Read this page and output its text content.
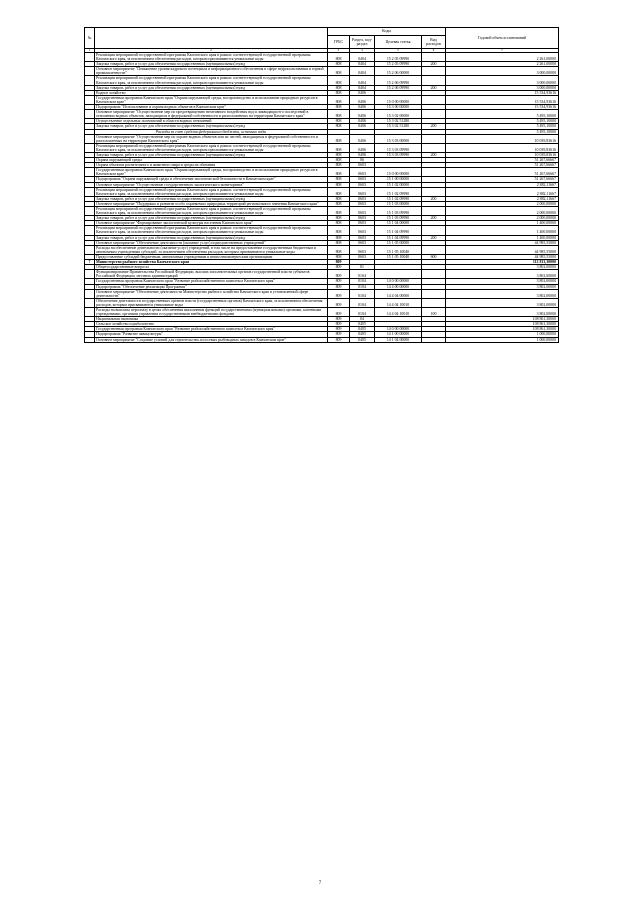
№		Коды				Годовой объем ассигнований
		ГРБС	Раздел, под-раздел	Целевая статья	Вид расходов	
1	2	3	4	5	6	7
	Реализация мероприятий государственной программы Камчатского края в рамках соответствующей государственной программы Камчатского края, за исключением обеспечения расходов, которым присваиваются уникальные коды	808	0404	15 2 05 09990		2 261,00000
	Закупка товаров, работ и услуг для обеспечения государственных (муниципальных) нужд	808	0404	15 2 05 09990	200	2 261,00000
	Основное мероприятие "Повышение уровня кадрового потенциала и информационного обеспечения в сфере недропользования и горной промышленности"	808	0404	15 2 06 00000		3 000,00000
	Реализация мероприятий государственной программы Камчатского края в рамках соответствующей государственной программы Камчатского края, за исключением обеспечения расходов, которым присваиваются уникальные коды	808	0404	15 2 06 09990		3 000,00000
	Закупка товаров, работ и услуг для обеспечения государственных (муниципальных) нужд	808	0404	15 2 06 09990	200	3 000,00000
	Водное хозяйство	808	0406			15 534,93616
	Государственная программа Камчатского края "Охрана окружающей среды, воспроизводство и использование природных ресурсов в Камчатском крае"	808	0406	15 0 00 00000		15 534,93616
	Подпрограмма "Использование и охрана водных объектов в Камчатском крае"	808	0406	15 3 00 00000		15 534,93616
	Основное мероприятие "Осуществление мер по предотвращению негативного воздействия вод и ликвидации его последствий в отношении водных объектов, находящихся в федеральной собственности и расположенных на территории Камчатского края"	808	0406	15 3 02 00000		5 495,10000
	Осуществление отдельных полномочий в области водных отношений	808	0406	15 3 02 51280		5 495,10000
	Закупка товаров, работ и услуг для обеспечения государственных (муниципальных) нужд	808	0406	15 3 02 51280	200	5 495,10000
	Расходы за счет средств федерального бюджета, источник воды					5 495,10000
	Основное мероприятие "Осуществление мер по охране водных объектов или их частей, находящихся в федеральной собственности и расположенных на территории Камчатского края"	808	0406	15 3 03 00000		10 039,83616
	Реализация мероприятий государственной программы Камчатского края в рамках соответствующей государственной программы Камчатского края, за исключением обеспечения расходов, которым присваиваются уникальные коды	808	0406	15 3 03 09990		10 039,83616
	Закупка товаров, работ и услуг для обеспечения государственных (муниципальных) нужд	808	0406	15 3 03 09990	200	10 039,83616
	Охрана окружающей среды	808	06			51 267,66667
	Охрана объектов растительного и животного мира и среды их обитания	808	0603			51 267,66667
	Государственная программа Камчатского края "Охрана окружающей среды, воспроизводство и использование природных ресурсов в Камчатском крае"	808	0603	15 0 00 00000		51 267,66667
	Подпрограмма "Охрана окружающей среды и обеспечение экологической безопасности в Камчатском крае"	808	0603	15 1 00 00000		51 267,66667
	Основное мероприятие "Осуществление государственного экологического мониторинга"	808	0603	15 1 02 00000		2 882,11667
	Реализация мероприятий государственной программы Камчатского края в рамках соответствующей государственной программы Камчатского края, за исключением обеспечения расходов, которым присваиваются уникальные коды	808	0603	15 1 02 09990		2 882,11667
	Закупка товаров, работ и услуг для обеспечения государственных (муниципальных) нужд	808	0603	15 1 02 09990	200	2 882,11667
	Основное мероприятие "Поддержка и развитие особо охраняемых природных территорий регионального значения Камчатского края"	808	0603	15 1 03 00000		2 000,00000
	Реализация мероприятий государственной программы Камчатского края в рамках соответствующей государственной программы Камчатского края, за исключением обеспечения расходов, которым присваиваются уникальные коды	808	0603	15 1 03 09990		2 000,00000
	Закупка товаров, работ и услуг для обеспечения государственных (муниципальных) нужд	808	0603	15 1 03 09990	200	2 000,00000
	Основное мероприятие "Формирование экологической культуры населения Камчатского края"	808	0603	15 1 04 00000		1 400,00000
	Реализация мероприятий государственной программы Камчатского края в рамках соответствующей государственной программы Камчатского края, за исключением обеспечения расходов, которым присваиваются уникальные коды	808	0603	15 1 04 09990		1 400,00000
	Закупка товаров, работ и услуг для обеспечения государственных (муниципальных) нужд	808	0603	15 1 04 09990	200	1 400,00000
	Основное мероприятие "Обеспечение деятельности (оказание услуг) подведомственных учреждений"	808	0603	15 1 05 00000		44 985,55000
	Расходы на обеспечение деятельности (оказание услуг) учреждений, в том числе на предоставление государственным бюджетным и автономным учреждениям субсидий, за исключением обеспечения расходов, которым присваиваются уникальные коды	808	0603	15 1 05 10040		44 985,55000
	Предоставление субсидий бюджетным, автономным учреждениям и иным некоммерческим организациям	808	0603	15 1 05 10040	600	44 985,55000
7	Министерство рыбного хозяйства Камчатского края	809				112 813,30000
	Общегосударственные вопросы	809	01			3 802,00000
	Функционирование Правительства Российской Федерации, высших исполнительных органов государственной власти субъектов Российской Федерации, местных администраций	809	0104			3 802,00000
	Государственная программа Камчатского края "Развитие рыбохозяйственного комплекса Камчатского края"	809	0104	14 0 00 00000		3 802,00000
	Подпрограмма "Обеспечение реализации Программы"	809	0104	14 4 00 00000		3 802,00000
	Основное мероприятие "Обеспечение деятельности Министерства рыбного хозяйства Камчатского края в установленной сфере деятельности"	809	0104	14 4 04 00000		3 802,00000
	Обеспечение деятельности государственных органов власти (государственных органов) Камчатского края, за исключением обеспечения расходов, которым присваиваются уникальные коды	809	0104	14 4 04 10010		3 802,00000
	Расходы на выплаты персоналу в целях обеспечения выполнения функций государственными (муниципальными) органами, казенными учреждениями, органами управления государственными внебюджетными фондами	809	0104	14 4 04 10010	100	3 802,00000
	Национальная экономика	809	04			108 861,30000
	Сельское хозяйство и рыболовство	809	0405			108 861,30000
	Государственная программа Камчатского края "Развитие рыбохозяйственного комплекса Камчатского края"	809	0405	14 0 00 00000		108 861,30000
	Подпрограмма "Развитие аквакультуры"	809	0405	14 1 00 00000		1 000,00000
	Основное мероприятие "Создание условий для строительства лососевых рыбоводных заводов в Камчатском крае"	809	0405	14 1 04 00000		1 000,00000
7
